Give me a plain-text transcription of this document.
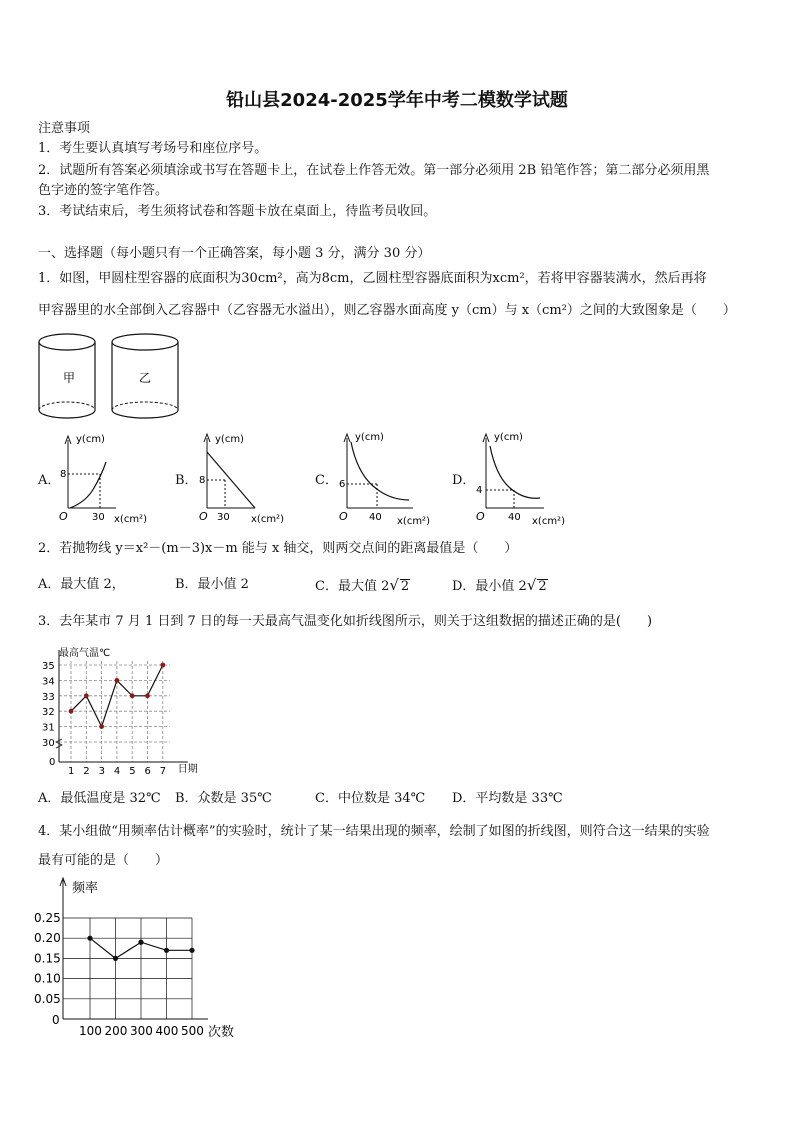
铅山县2024-2025学年中考二模数学试题
注意事项
1．考生要认真填写考场号和座位序号。
2．试题所有答案必须填涂或书写在答题卡上，在试卷上作答无效。第一部分必须用 2B 铅笔作答；第二部分必须用黑
色字迹的签字笔作答。
3．考试结束后，考生须将试卷和答题卡放在桌面上，待监考员收回。
一、选择题（每小题只有一个正确答案，每小题 3 分，满分 30 分）
1．如图，甲圆柱型容器的底面积为30cm²，高为8cm，乙圆柱型容器底面积为xcm²，若将甲容器装满水，然后再将
甲容器里的水全部倒入乙容器中（乙容器无水溢出），则乙容器水面高度 y（cm）与 x（cm²）之间的大致图象是（　　）
甲	乙
A．
y(cm)
8
30
O	x(cm²)
B．
y(cm)
8
30
O	x(cm²)
C．
y(cm)
6
40
O	x(cm²)
D．
y(cm)
4
40
O	x(cm²)
2．若抛物线 y＝x²－(m－3)x－m 能与 x 轴交，则两交点间的距离最值是（　　）
A．最大值 2，	B．最小值 2	C．最大值 2√ 2	D．最小值 2√ 2
3．去年某市 7 月 1 日到 7 日的每一天最高气温变化如折线图所示，则关于这组数据的描述正确的是(　　)
最高气温℃
日期
0
30
31
32
33
34
35
1 2 3 4 5 6 7
A．最低温度是 32℃ B．众数是 35℃	C．中位数是 34℃ D．平均数是 33℃
4．某小组做“用频率估计概率”的实验时，统计了某一结果出现的频率，绘制了如图的折线图，则符合这一结果的实验
最有可能的是（　　）
频率
次数
0
0.05
0.10
0.15
0.20
0.25
100 200 300 400 500
